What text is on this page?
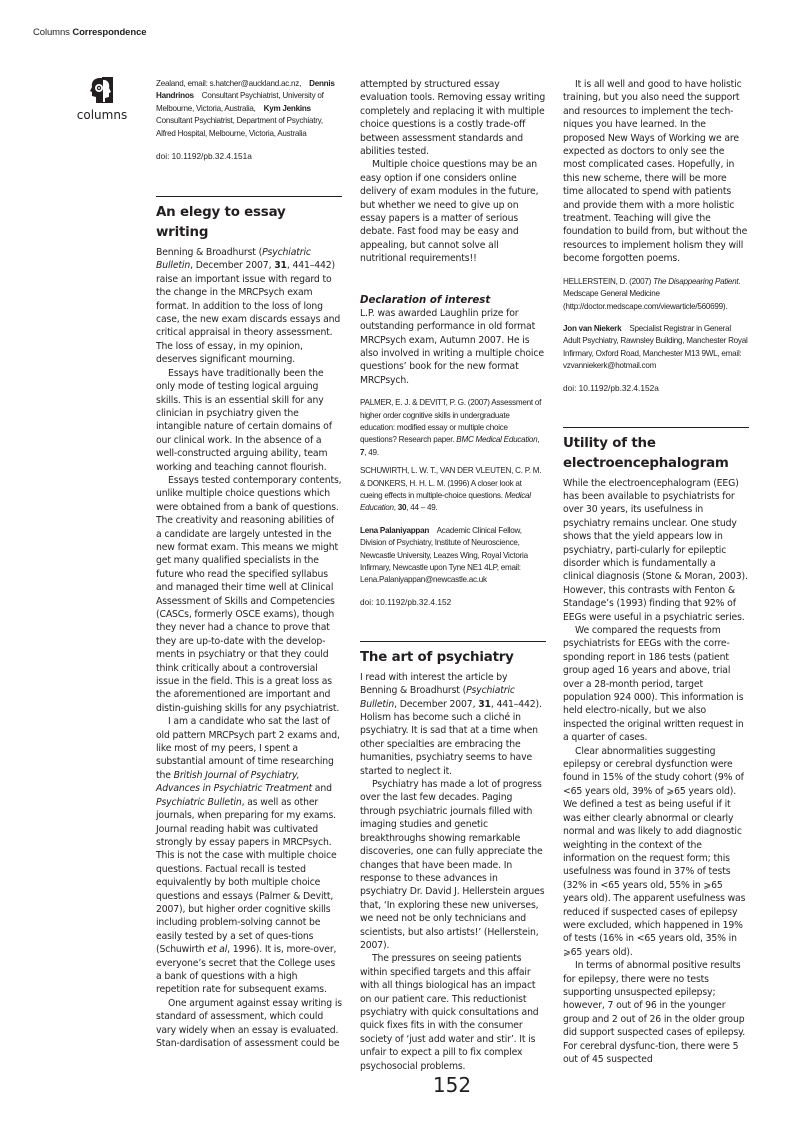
Columns Correspondence
columns

Zealand, email: s.hatcher@auckland.ac.nz, Dennis Handrinos Consultant Psychiatrist, University of Melbourne, Victoria, Australia, Kym Jenkins Consultant Psychiatrist, Department of Psychiatry, Alfred Hospital, Melbourne, Victoria, Australia

doi: 10.1192/pb.32.4.151a

An elegy to essay writing

Benning & Broadhurst (Psychiatric Bulletin, December 2007, 31, 441–442) raise an important issue with regard to the change in the MRCPsych exam format. In addition to the loss of long case, the new exam discards essays and critical appraisal in theory assessment. The loss of essay, in my opinion, deserves significant mourning.

Essays have traditionally been the only mode of testing logical arguing skills. This is an essential skill for any clinician in psychiatry given the intangible nature of certain domains of our clinical work. In the absence of a well-constructed arguing ability, team working and teaching cannot flourish.

Essays tested contemporary contents, unlike multiple choice questions which were obtained from a bank of questions. The creativity and reasoning abilities of a candidate are largely untested in the new format exam. This means we might get many qualified specialists in the future who read the specified syllabus and managed their time well at Clinical Assessment of Skills and Competencies (CASCs, formerly OSCE exams), though they never had a chance to prove that they are up-to-date with the develop-ments in psychiatry or that they could think critically about a controversial issue in the field. This is a great loss as the aforementioned are important and distin-guishing skills for any psychiatrist.

I am a candidate who sat the last of old pattern MRCPsych part 2 exams and, like most of my peers, I spent a substantial amount of time researching the British Journal of Psychiatry, Advances in Psychiatric Treatment and Psychiatric Bulletin, as well as other journals, when preparing for my exams. Journal reading habit was cultivated strongly by essay papers in MRCPsych. This is not the case with multiple choice questions. Factual recall is tested equivalently by both multiple choice questions and essays (Palmer & Devitt, 2007), but higher order cognitive skills including problem-solving cannot be easily tested by a set of ques-tions (Schuwirth et al, 1996). It is, more-over, everyone’s secret that the College uses a bank of questions with a high repetition rate for subsequent exams.

One argument against essay writing is standard of assessment, which could vary widely when an essay is evaluated. Stan-dardisation of assessment could be

attempted by structured essay evaluation tools. Removing essay writing completely and replacing it with multiple choice questions is a costly trade-off between assessment standards and abilities tested.

Multiple choice questions may be an easy option if one considers online delivery of exam modules in the future, but whether we need to give up on essay papers is a matter of serious debate. Fast food may be easy and appealing, but cannot solve all nutritional requirements!!

Declaration of interest

L.P. was awarded Laughlin prize for outstanding performance in old format MRCPsych exam, Autumn 2007. He is also involved in writing a multiple choice questions’ book for the new format MRCPsych.

PALMER, E. J. & DEVITT, P. G. (2007) Assessment of higher order cognitive skills in undergraduate education: modified essay or multiple choice questions? Research paper. BMC Medical Education, 7, 49.

SCHUWIRTH, L. W. T., VAN DER VLEUTEN, C. P. M. & DONKERS, H. H. L. M. (1996) A closer look at cueing effects in multiple-choice questions. Medical Education, 30, 44 – 49.

Lena Palaniyappan Academic Clinical Fellow, Division of Psychiatry, Institute of Neuroscience, Newcastle University, Leazes Wing, Royal Victoria Infirmary, Newcastle upon Tyne NE1 4LP, email: Lena.Palaniyappan@newcastle.ac.uk

doi: 10.1192/pb.32.4.152

The art of psychiatry

I read with interest the article by Benning & Broadhurst (Psychiatric Bulletin, December 2007, 31, 441–442). Holism has become such a cliché in psychiatry. It is sad that at a time when other specialties are embracing the humanities, psychiatry seems to have started to neglect it.

Psychiatry has made a lot of progress over the last few decades. Paging through psychiatric journals filled with imaging studies and genetic breakthroughs showing remarkable discoveries, one can fully appreciate the changes that have been made. In response to these advances in psychiatry Dr. David J. Hellerstein argues that, ‘In exploring these new universes, we need not be only technicians and scientists, but also artists!’ (Hellerstein, 2007).

The pressures on seeing patients within specified targets and this affair with all things biological has an impact on our patient care. This reductionist psychiatry with quick consultations and quick fixes fits in with the consumer society of ‘just add water and stir’. It is unfair to expect a pill to fix complex psychosocial problems.

It is all well and good to have holistic training, but you also need the support and resources to implement the tech-niques you have learned. In the proposed New Ways of Working we are expected as doctors to only see the most complicated cases. Hopefully, in this new scheme, there will be more time allocated to spend with patients and provide them with a more holistic treatment. Teaching will give the foundation to build from, but without the resources to implement holism they will become forgotten poems.

HELLERSTEIN, D. (2007) The Disappearing Patient. Medscape General Medicine (http://doctor.medscape.com/viewarticle/560699).

Jon van Niekerk Specialist Registrar in General Adult Psychiatry, Rawnsley Building, Manchester Royal Infirmary, Oxford Road, Manchester M13 9WL, email: vzvanniekerk@hotmail.com

doi: 10.1192/pb.32.4.152a

Utility of the
electroencephalogram

While the electroencephalogram (EEG) has been available to psychiatrists for over 30 years, its usefulness in psychiatry remains unclear. One study shows that the yield appears low in psychiatry, parti-cularly for epileptic disorder which is fundamentally a clinical diagnosis (Stone & Moran, 2003). However, this contrasts with Fenton & Standage’s (1993) finding that 92% of EEGs were useful in a psychiatric series.

We compared the requests from psychiatrists for EEGs with the corre-sponding report in 186 tests (patient group aged 16 years and above, trial over a 28-month period, target population 924 000). This information is held electro-nically, but we also inspected the original written request in a quarter of cases.

Clear abnormalities suggesting epilepsy or cerebral dysfunction were found in 15% of the study cohort (9% of <65 years old, 39% of ⩾65 years old). We defined a test as being useful if it was either clearly abnormal or clearly normal and was likely to add diagnostic weighting in the context of the information on the request form; this usefulness was found in 37% of tests (32% in <65 years old, 55% in ⩾65 years old). The apparent usefulness was reduced if suspected cases of epilepsy were excluded, which happened in 19% of tests (16% in <65 years old, 35% in ⩾65 years old).

In terms of abnormal positive results for epilepsy, there were no tests supporting unsuspected epilepsy; however, 7 out of 96 in the younger group and 2 out of 26 in the older group did support suspected cases of epilepsy. For cerebral dysfunc-tion, there were 5 out of 45 suspected

152
